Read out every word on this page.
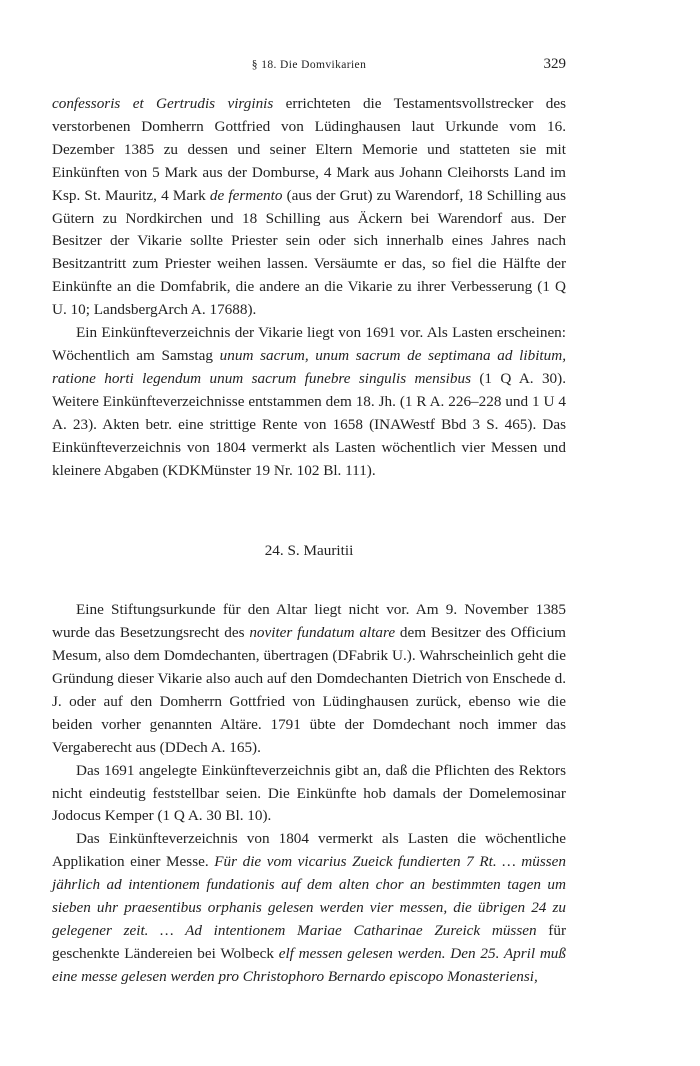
§ 18. Die Domvikarien	329

confessoris et Gertrudis virginis errichteten die Testamentsvollstrecker des verstorbenen Domherrn Gottfried von Lüdinghausen laut Urkunde vom 16. Dezember 1385 zu dessen und seiner Eltern Memorie und statteten sie mit Einkünften von 5 Mark aus der Domburse, 4 Mark aus Johann Cleihorsts Land im Ksp. St. Mauritz, 4 Mark de fermento (aus der Grut) zu Warendorf, 18 Schilling aus Gütern zu Nordkirchen und 18 Schilling aus Äckern bei Warendorf aus. Der Besitzer der Vikarie sollte Priester sein oder sich innerhalb eines Jahres nach Besitzantritt zum Priester weihen lassen. Versäumte er das, so fiel die Hälfte der Einkünfte an die Domfabrik, die andere an die Vikarie zu ihrer Verbesserung (1 Q U. 10; LandsbergArch A. 17688).

Ein Einkünfteverzeichnis der Vikarie liegt von 1691 vor. Als Lasten erscheinen: Wöchentlich am Samstag unum sacrum, unum sacrum de septimana ad libitum, ratione horti legendum unum sacrum funebre singulis mensibus (1 Q A. 30). Weitere Einkünfteverzeichnisse entstammen dem 18. Jh. (1 R A. 226–228 und 1 U 4 A. 23). Akten betr. eine strittige Rente von 1658 (INAWestf Bbd 3 S. 465). Das Einkünfteverzeichnis von 1804 vermerkt als Lasten wöchentlich vier Messen und kleinere Abgaben (KDKMünster 19 Nr. 102 Bl. 111).

24. S. Mauritii

Eine Stiftungsurkunde für den Altar liegt nicht vor. Am 9. November 1385 wurde das Besetzungsrecht des noviter fundatum altare dem Besitzer des Officium Mesum, also dem Domdechanten, übertragen (DFabrik U.). Wahrscheinlich geht die Gründung dieser Vikarie also auch auf den Domdechanten Dietrich von Enschede d. J. oder auf den Domherrn Gottfried von Lüdinghausen zurück, ebenso wie die beiden vorher genannten Altäre. 1791 übte der Domdechant noch immer das Vergaberecht aus (DDech A. 165).

Das 1691 angelegte Einkünfteverzeichnis gibt an, daß die Pflichten des Rektors nicht eindeutig feststellbar seien. Die Einkünfte hob damals der Domelemosinar Jodocus Kemper (1 Q A. 30 Bl. 10).

Das Einkünfteverzeichnis von 1804 vermerkt als Lasten die wöchentliche Applikation einer Messe. Für die vom vicarius Zueick fundierten 7 Rt. … müssen jährlich ad intentionem fundationis auf dem alten chor an bestimmten tagen um sieben uhr praesentibus orphanis gelesen werden vier messen, die übrigen 24 zu gelegener zeit. … Ad intentionem Mariae Catharinae Zureick müssen für geschenkte Ländereien bei Wolbeck elf messen gelesen werden. Den 25. April muß eine messe gelesen werden pro Christophoro Bernardo episcopo Monasteriensi,
